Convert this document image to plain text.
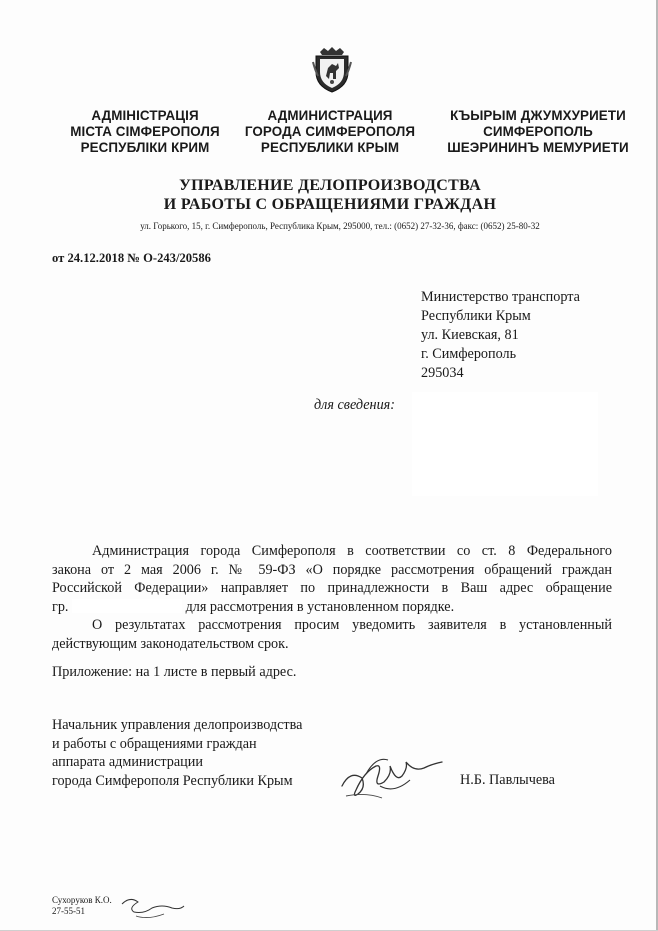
АДМІНІСТРАЦІЯ
МІСТА СІМФЕРОПОЛЯ
РЕСПУБЛІКИ КРИМ
АДМИНИСТРАЦИЯ
ГОРОДА СИМФЕРОПОЛЯ
РЕСПУБЛИКИ КРЫМ
КЪЫРЫМ ДЖУМХУРИЕТИ
СИМФЕРОПОЛЬ
ШЕЭРИНИНЪ МЕМУРИЕТИ
УПРАВЛЕНИЕ ДЕЛОПРОИЗВОДСТВА
И РАБОТЫ С ОБРАЩЕНИЯМИ ГРАЖДАН
ул. Горького, 15, г. Симферополь, Республика Крым, 295000, тел.: (0652) 27-32-36, факс: (0652) 25-80-32
от 24.12.2018 № О-243/20586
Министерство транспорта
Республики Крым
ул. Киевская, 81
г. Симферополь
295034
для сведения:

Администрация города Симферополя в соответствии со ст. 8 Федерального
закона от 2 мая 2006 г. № 59-ФЗ «О порядке рассмотрения обращений граждан
Российской Федерации» направляет по принадлежности в Ваш адрес обращение
гр.	для рассмотрения в установленном порядке.

О результатах рассмотрения просим уведомить заявителя в установленный
действующим законодательством срок.

Приложение: на 1 листе в первый адрес.
Начальник управления делопроизводства
и работы с обращениями граждан
аппарата администрации
города Симферополя Республики Крым	Н.Б. Павлычева
Сухоруков К.О.
27-55-51
